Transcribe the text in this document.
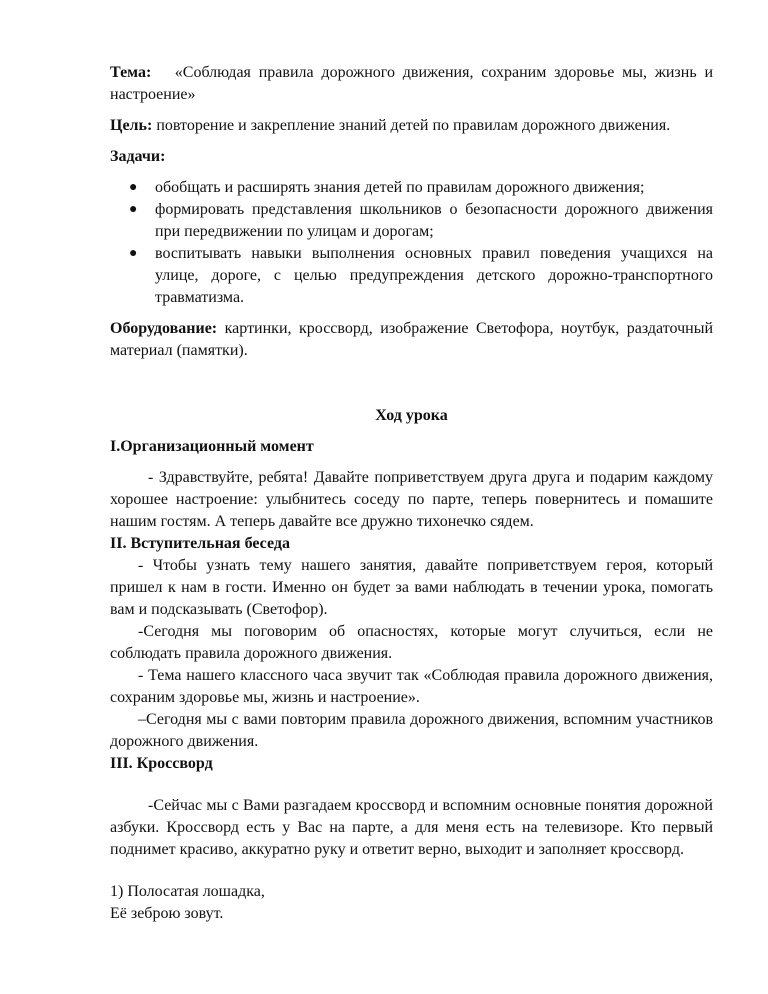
Тема: «Соблюдая правила дорожного движения, сохраним здоровье мы, жизнь и настроение»

Цель: повторение и закрепление знаний детей по правилам дорожного движения.

Задачи:

● обобщать и расширять знания детей по правилам дорожного движения;
● формировать представления школьников о безопасности дорожного движения при передвижении по улицам и дорогам;
● воспитывать навыки выполнения основных правил поведения учащихся на улице, дороге, с целью предупреждения детского дорожно-транспортного травматизма.

Оборудование: картинки, кроссворд, изображение Светофора, ноутбук, раздаточный материал (памятки).

Ход урока

I.Организационный момент

- Здравствуйте, ребята! Давайте поприветствуем друга друга и подарим каждому хорошее настроение: улыбнитесь соседу по парте, теперь повернитесь и помашите нашим гостям. А теперь давайте все дружно тихонечко сядем.

II. Вступительная беседа

- Чтобы узнать тему нашего занятия, давайте поприветствуем героя, который пришел к нам в гости. Именно он будет за вами наблюдать в течении урока, помогать вам и подсказывать (Светофор).

-Сегодня мы поговорим об опасностях, которые могут случиться, если не соблюдать правила дорожного движения.

- Тема нашего классного часа звучит так «Соблюдая правила дорожного движения, сохраним здоровье мы, жизнь и настроение».

–Сегодня мы с вами повторим правила дорожного движения, вспомним участников дорожного движения.

III. Кроссворд

-Сейчас мы с Вами разгадаем кроссворд и вспомним основные понятия дорожной азбуки. Кроссворд есть у Вас на парте, а для меня есть на телевизоре. Кто первый поднимет красиво, аккуратно руку и ответит верно, выходит и заполняет кроссворд.

1) Полосатая лошадка,

Её зеброю зовут.
